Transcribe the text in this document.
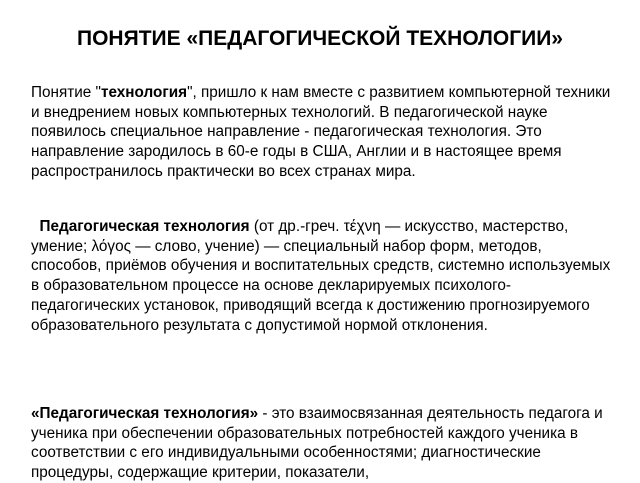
ПОНЯТИЕ «ПЕДАГОГИЧЕСКОЙ ТЕХНОЛОГИИ»
Понятие "технология", пришло к нам вместе с развитием компьютерной техники и внедрением новых компьютерных технологий. В педагогической науке появилось специальное направление - педагогическая технология. Это направление зародилось в 60-е годы в США, Англии и в настоящее время распространилось практически во всех странах мира.
Педагогическая технология (от др.-греч. τέχνη — искусство, мастерство, умение; λόγος — слово, учение) — специальный набор форм, методов, способов, приёмов обучения и воспитательных средств, системно используемых в образовательном процессе на основе декларируемых психолого-педагогических установок, приводящий всегда к достижению прогнозируемого образовательного результата с допустимой нормой отклонения.
«Педагогическая технология» - это взаимосвязанная деятельность педагога и ученика при обеспечении образовательных потребностей каждого ученика в соответствии с его индивидуальными особенностями; диагностические процедуры, содержащие критерии, показатели,
